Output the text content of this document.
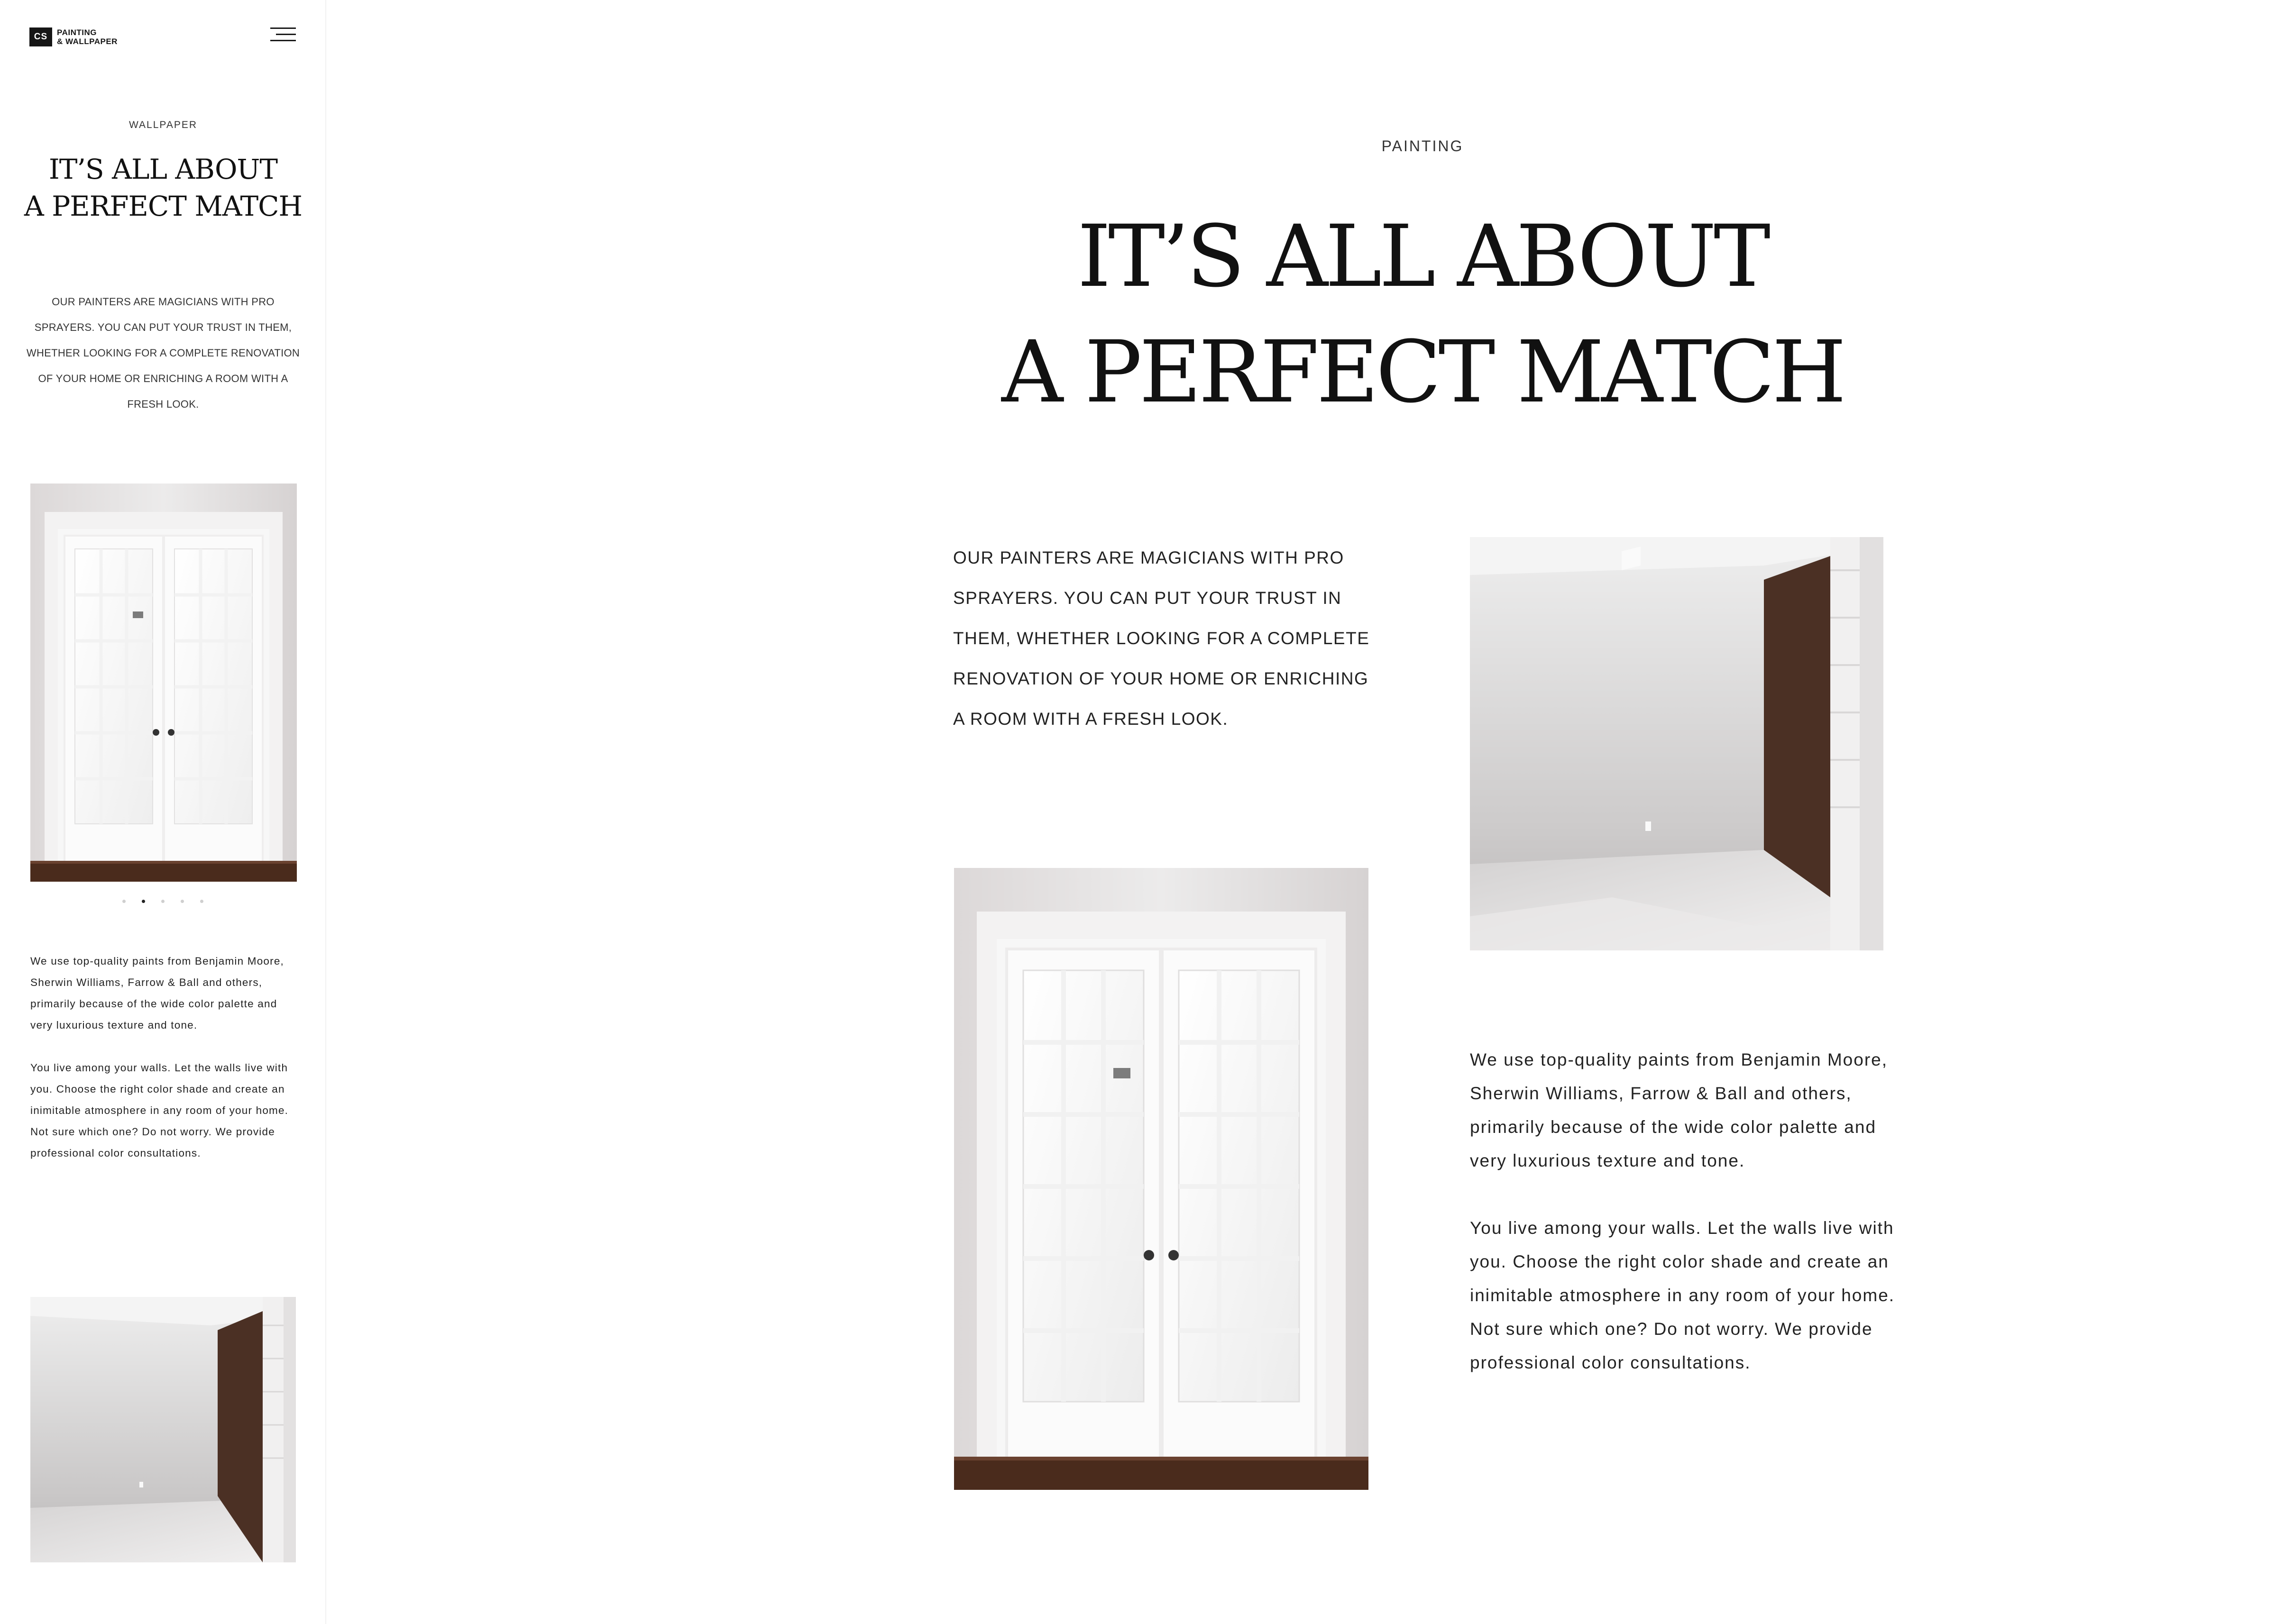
CS	PAINTING
& WALLPAPER
WALLPAPER
IT’S ALL ABOUT
A PERFECT MATCH

OUR PAINTERS ARE MAGICIANS WITH PRO SPRAYERS. YOU CAN PUT YOUR TRUST IN THEM, WHETHER LOOKING FOR A COMPLETE RENOVATION OF YOUR HOME OR ENRICHING A ROOM WITH A FRESH LOOK.

We use top-quality paints from Benjamin Moore, Sherwin Williams, Farrow & Ball and others, primarily because of the wide color palette and very luxurious texture and tone.

You live among your walls. Let the walls live with you. Choose the right color shade and create an inimitable atmosphere in any room of your home. Not sure which one? Do not worry. We provide professional color consultations.

PAINTING
IT’S ALL ABOUT
A PERFECT MATCH

OUR PAINTERS ARE MAGICIANS WITH PRO SPRAYERS. YOU CAN PUT YOUR TRUST IN THEM, WHETHER LOOKING FOR A COMPLETE RENOVATION OF YOUR HOME OR ENRICHING A ROOM WITH A FRESH LOOK.

We use top-quality paints from Benjamin Moore, Sherwin Williams, Farrow & Ball and others, primarily because of the wide color palette and very luxurious texture and tone.

You live among your walls. Let the walls live with you. Choose the right color shade and create an inimitable atmosphere in any room of your home. Not sure which one? Do not worry. We provide professional color consultations.
